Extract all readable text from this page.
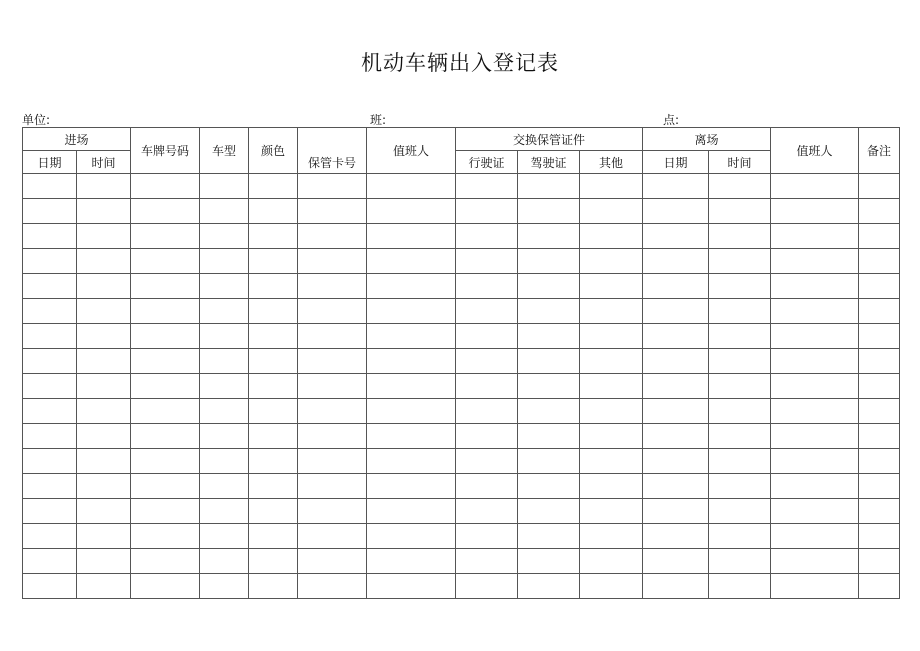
机动车辆出入登记表
单位:	班:	点:
进场		车牌号码	车型	颜色	保管卡号	值班人	交换保管证件			离场		值班人	备注
日期	时间						行驶证	驾驶证	其他	日期	时间		
